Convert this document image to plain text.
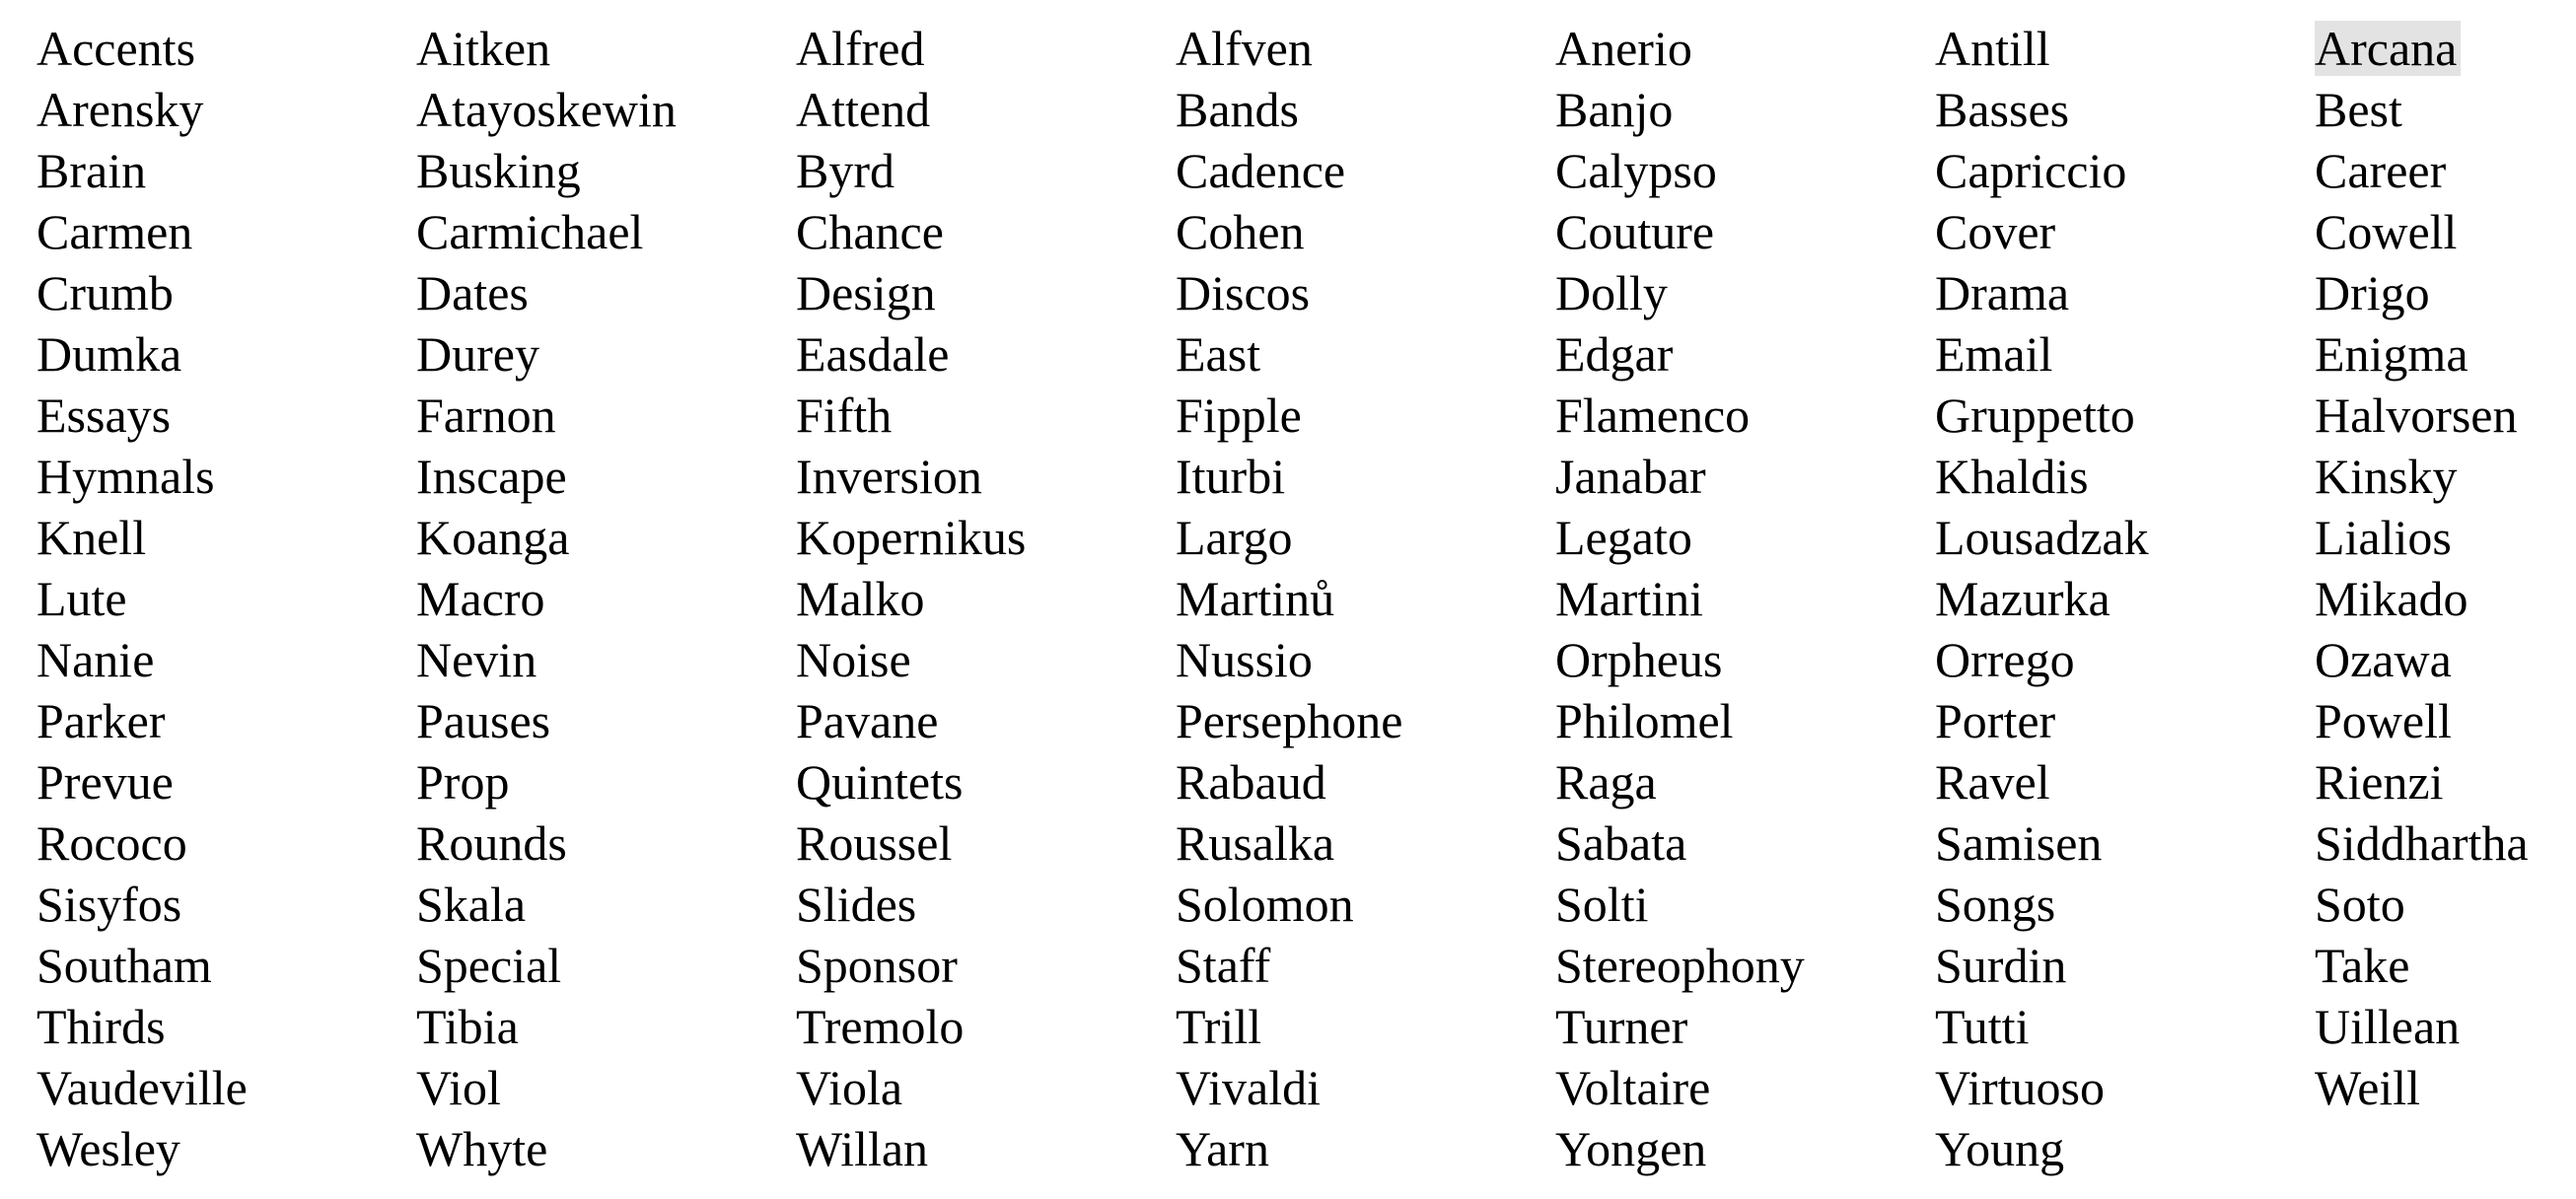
Accents	Aitken	Alfred	Alfven	Anerio	Antill	Arcana
Arensky	Atayoskewin	Attend	Bands	Banjo	Basses	Best
Brain	Busking	Byrd	Cadence	Calypso	Capriccio	Career
Carmen	Carmichael	Chance	Cohen	Couture	Cover	Cowell
Crumb	Dates	Design	Discos	Dolly	Drama	Drigo
Dumka	Durey	Easdale	East	Edgar	Email	Enigma
Essays	Farnon	Fifth	Fipple	Flamenco	Gruppetto	Halvorsen
Hymnals	Inscape	Inversion	Iturbi	Janabar	Khaldis	Kinsky
Knell	Koanga	Kopernikus	Largo	Legato	Lousadzak	Lialios
Lute	Macro	Malko	Martinů	Martini	Mazurka	Mikado
Nanie	Nevin	Noise	Nussio	Orpheus	Orrego	Ozawa
Parker	Pauses	Pavane	Persephone	Philomel	Porter	Powell
Prevue	Prop	Quintets	Rabaud	Raga	Ravel	Rienzi
Rococo	Rounds	Roussel	Rusalka	Sabata	Samisen	Siddhartha
Sisyfos	Skala	Slides	Solomon	Solti	Songs	Soto
Southam	Special	Sponsor	Staff	Stereophony	Surdin	Take
Thirds	Tibia	Tremolo	Trill	Turner	Tutti	Uillean
Vaudeville	Viol	Viola	Vivaldi	Voltaire	Virtuoso	Weill
Wesley	Whyte	Willan	Yarn	Yongen	Young
